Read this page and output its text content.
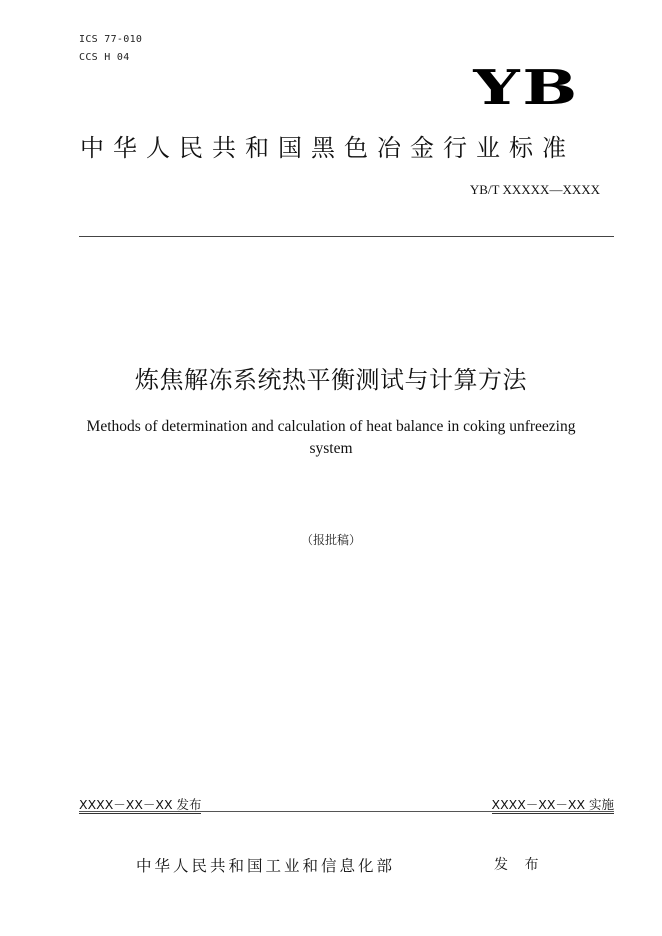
ICS 77-010
CCS H 04
YB
中华人民共和国黑色冶金行业标准
YB/T XXXXX—XXXX
炼焦解冻系统热平衡测试与计算方法
Methods of determination and calculation of heat balance in coking unfreezing
system
（报批稿）
XXXX－XX－XX 发布	XXXX－XX－XX 实施
中华人民共和国工业和信息化部	发 布
